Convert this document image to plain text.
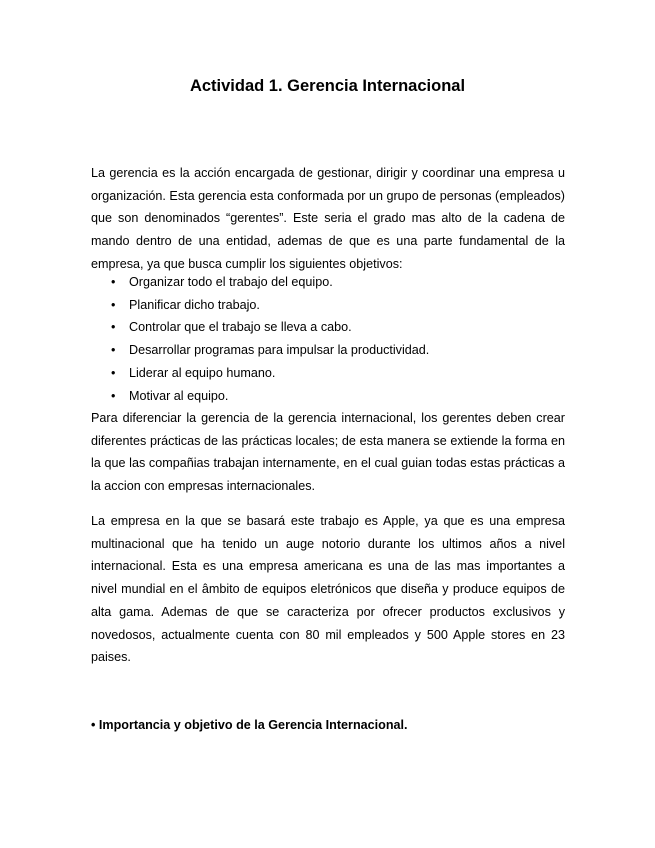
Actividad 1. Gerencia Internacional
La gerencia es la acción encargada de gestionar, dirigir y coordinar una empresa u organización. Esta gerencia esta conformada por un grupo de personas (empleados) que son denominados “gerentes”. Este seria el grado mas alto de la cadena de mando dentro de una entidad, ademas de que es una parte fundamental de la empresa, ya que busca cumplir los siguientes objetivos:
• Organizar todo el trabajo del equipo.
• Planificar dicho trabajo.
• Controlar que el trabajo se lleva a cabo.
• Desarrollar programas para impulsar la productividad.
• Liderar al equipo humano.
• Motivar al equipo.
Para diferenciar la gerencia de la gerencia internacional, los gerentes deben crear diferentes prácticas de las prácticas locales; de esta manera se extiende la forma en la que las compañias trabajan internamente, en el cual guian todas estas prácticas a la accion con empresas internacionales.
La empresa en la que se basará este trabajo es Apple, ya que es una empresa multinacional que ha tenido un auge notorio durante los ultimos años a nivel internacional. Esta es una empresa americana es una de las mas importantes a nivel mundial en el âmbito de equipos eletrónicos que diseña y produce equipos de alta gama. Ademas de que se caracteriza por ofrecer productos exclusivos y novedosos, actualmente cuenta con 80 mil empleados y 500 Apple stores en 23 paises.
• Importancia y objetivo de la Gerencia Internacional.
